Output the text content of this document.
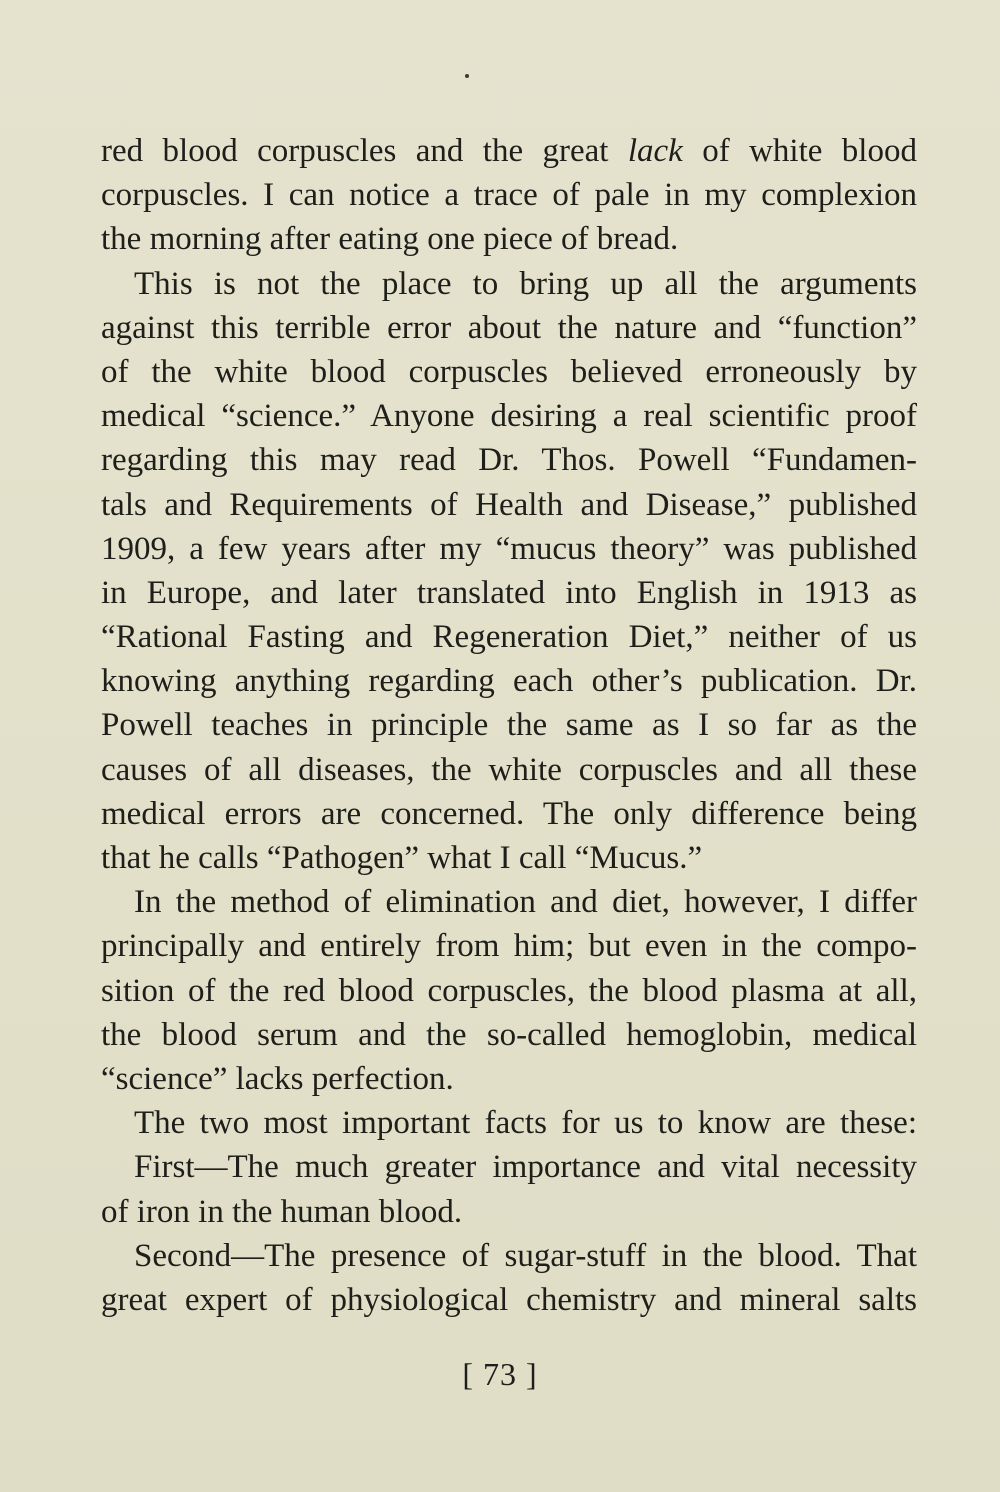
red blood corpuscles and the great lack of white blood
corpuscles. I can notice a trace of pale in my complexion
the morning after eating one piece of bread.
This is not the place to bring up all the arguments
against this terrible error about the nature and “function”
of the white blood corpuscles believed erroneously by
medical “science.” Anyone desiring a real scientific proof
regarding this may read Dr. Thos. Powell “Fundamen-
tals and Requirements of Health and Disease,” published
1909, a few years after my “mucus theory” was published
in Europe, and later translated into English in 1913 as
“Rational Fasting and Regeneration Diet,” neither of us
knowing anything regarding each other’s publication. Dr.
Powell teaches in principle the same as I so far as the
causes of all diseases, the white corpuscles and all these
medical errors are concerned. The only difference being
that he calls “Pathogen” what I call “Mucus.”
In the method of elimination and diet, however, I differ
principally and entirely from him; but even in the compo-
sition of the red blood corpuscles, the blood plasma at all,
the blood serum and the so-called hemoglobin, medical
“science” lacks perfection.
The two most important facts for us to know are these:
First—The much greater importance and vital necessity
of iron in the human blood.
Second—The presence of sugar-stuff in the blood. That
great expert of physiological chemistry and mineral salts
[ 73 ]
